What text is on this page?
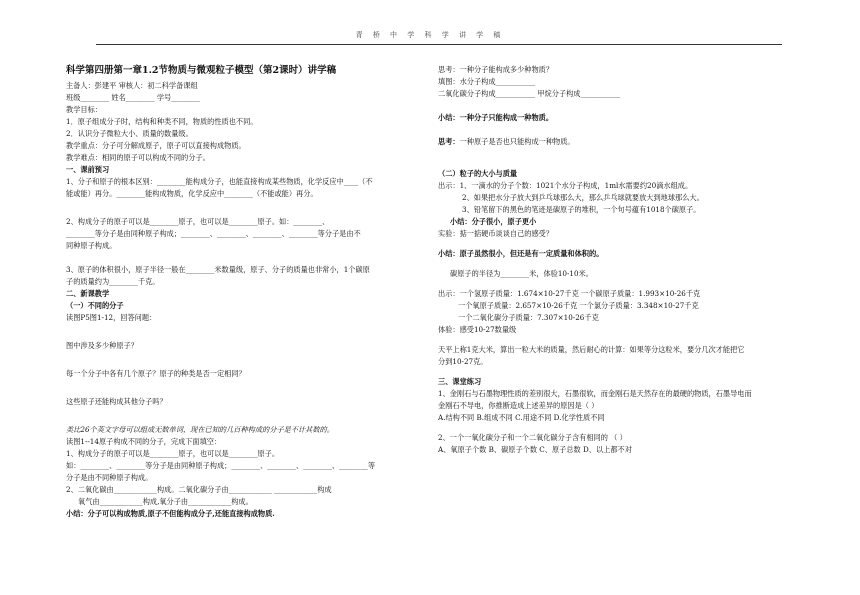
青 桥 中 学 科 学 讲 学 稿
科学第四册第一章1.2节物质与微观粒子模型（第2课时）讲学稿
主备人：彭建平 审核人：初二科学备课组
班级________ 姓名________ 学号________
教学目标：
1．原子组成分子时，结构和种类不同，物质的性质也不同。
2．认识分子微粒大小、质量的数量级。
教学重点：分子可分解成原子，原子可以直接构成物质。
教学难点：相同的原子可以构成不同的分子。
一、课前预习
1、分子和原子的根本区别：________能构成分子，也能直接构成某些物质，化学反应中____（不
能或能）再分。________能构成物质，化学反应中________（不能或能）再分。
2、构成分子的原子可以是________原子，也可以是________原子。如：________、
________等分子是由同种原子构成；________、________、________、________等分子是由不
同种原子构成。
3、原子的体积很小，原子半径一般在________米数量级，原子、分子的质量也非常小，1个碳原
子的质量约为________千克。
二、新课教学
（一）不同的分子
读图P5图1-12，回答问题：
图中涉及多少种原子？
每一个分子中各有几个原子？原子的种类是否一定相同？
这些原子还能构成其他分子吗？
类比26个英文字母可以组成无数单词，现在已知的几百种构成的分子是不计其数的。
读图1--14原子构成不同的分子，完成下面填空：
1、构成分子的原子可以是________原子，也可以是________原子。
如：________、________等分子是由同种原子构成；________、________、________、________等
分子是由不同种原子构成。
2、二氧化碳由____________构成。二氧化碳分子由____________ ____________构成
氧气由____________构成,氧分子由____________构成。
小结：分子可以构成物质,原子不但能构成分子,还能直接构成物质.
思考：一种分子能构成多少种物质？
填图：水分子构成___________
二氧化碳分子构成___________ 甲烷分子构成___________
小结：一种分子只能构成一种物质。
思考：一种原子是否也只能构成一种物质。
（二）粒子的大小与质量
出示：1、一滴水的分子个数：1021个水分子构成，1ml水需要约20滴水组成。
2、如果把水分子放大到乒乓球那么大，那么乒乓球就要放大到地球那么大。
3、铅笔留下的黑色的笔迹是碳原子的堆积，一个句号蕴有1018个碳原子。
小结：分子很小，原子更小
实验：掂一掂硬币谈谈自己的感受？
小结：原子虽然很小，但还是有一定质量和体积的。
碳原子的半径为________米，体验10-10米。
出示：一个氢原子质量：1.674×10-27千克 一个碳原子质量：1.993×10-26千克
一个氧原子质量：2.657×10-26千克 一个氯分子质量：3.348×10-27千克
一个二氧化碳分子质量：7.307×10-26千克
体验：感受10-27数量级
天平上称1克大米，算出一粒大米的质量，然后耐心的计算：如果等分这粒米，要分几次才能把它
分到10-27克。
三、课堂练习
1、金刚石与石墨物理性质的差别很大，石墨很软，而金刚石是天然存在的最硬的物质，石墨导电而
金刚石不导电，你推断造成上述差异的原因是（ ）
A.结构不同 B.组成不同 C.用途不同 D.化学性质不同
2、一个一氧化碳分子和一个二氧化碳分子含有相同的 （ ）
A、氧原子个数 B、碳原子个数 C、原子总数 D、以上都不对
